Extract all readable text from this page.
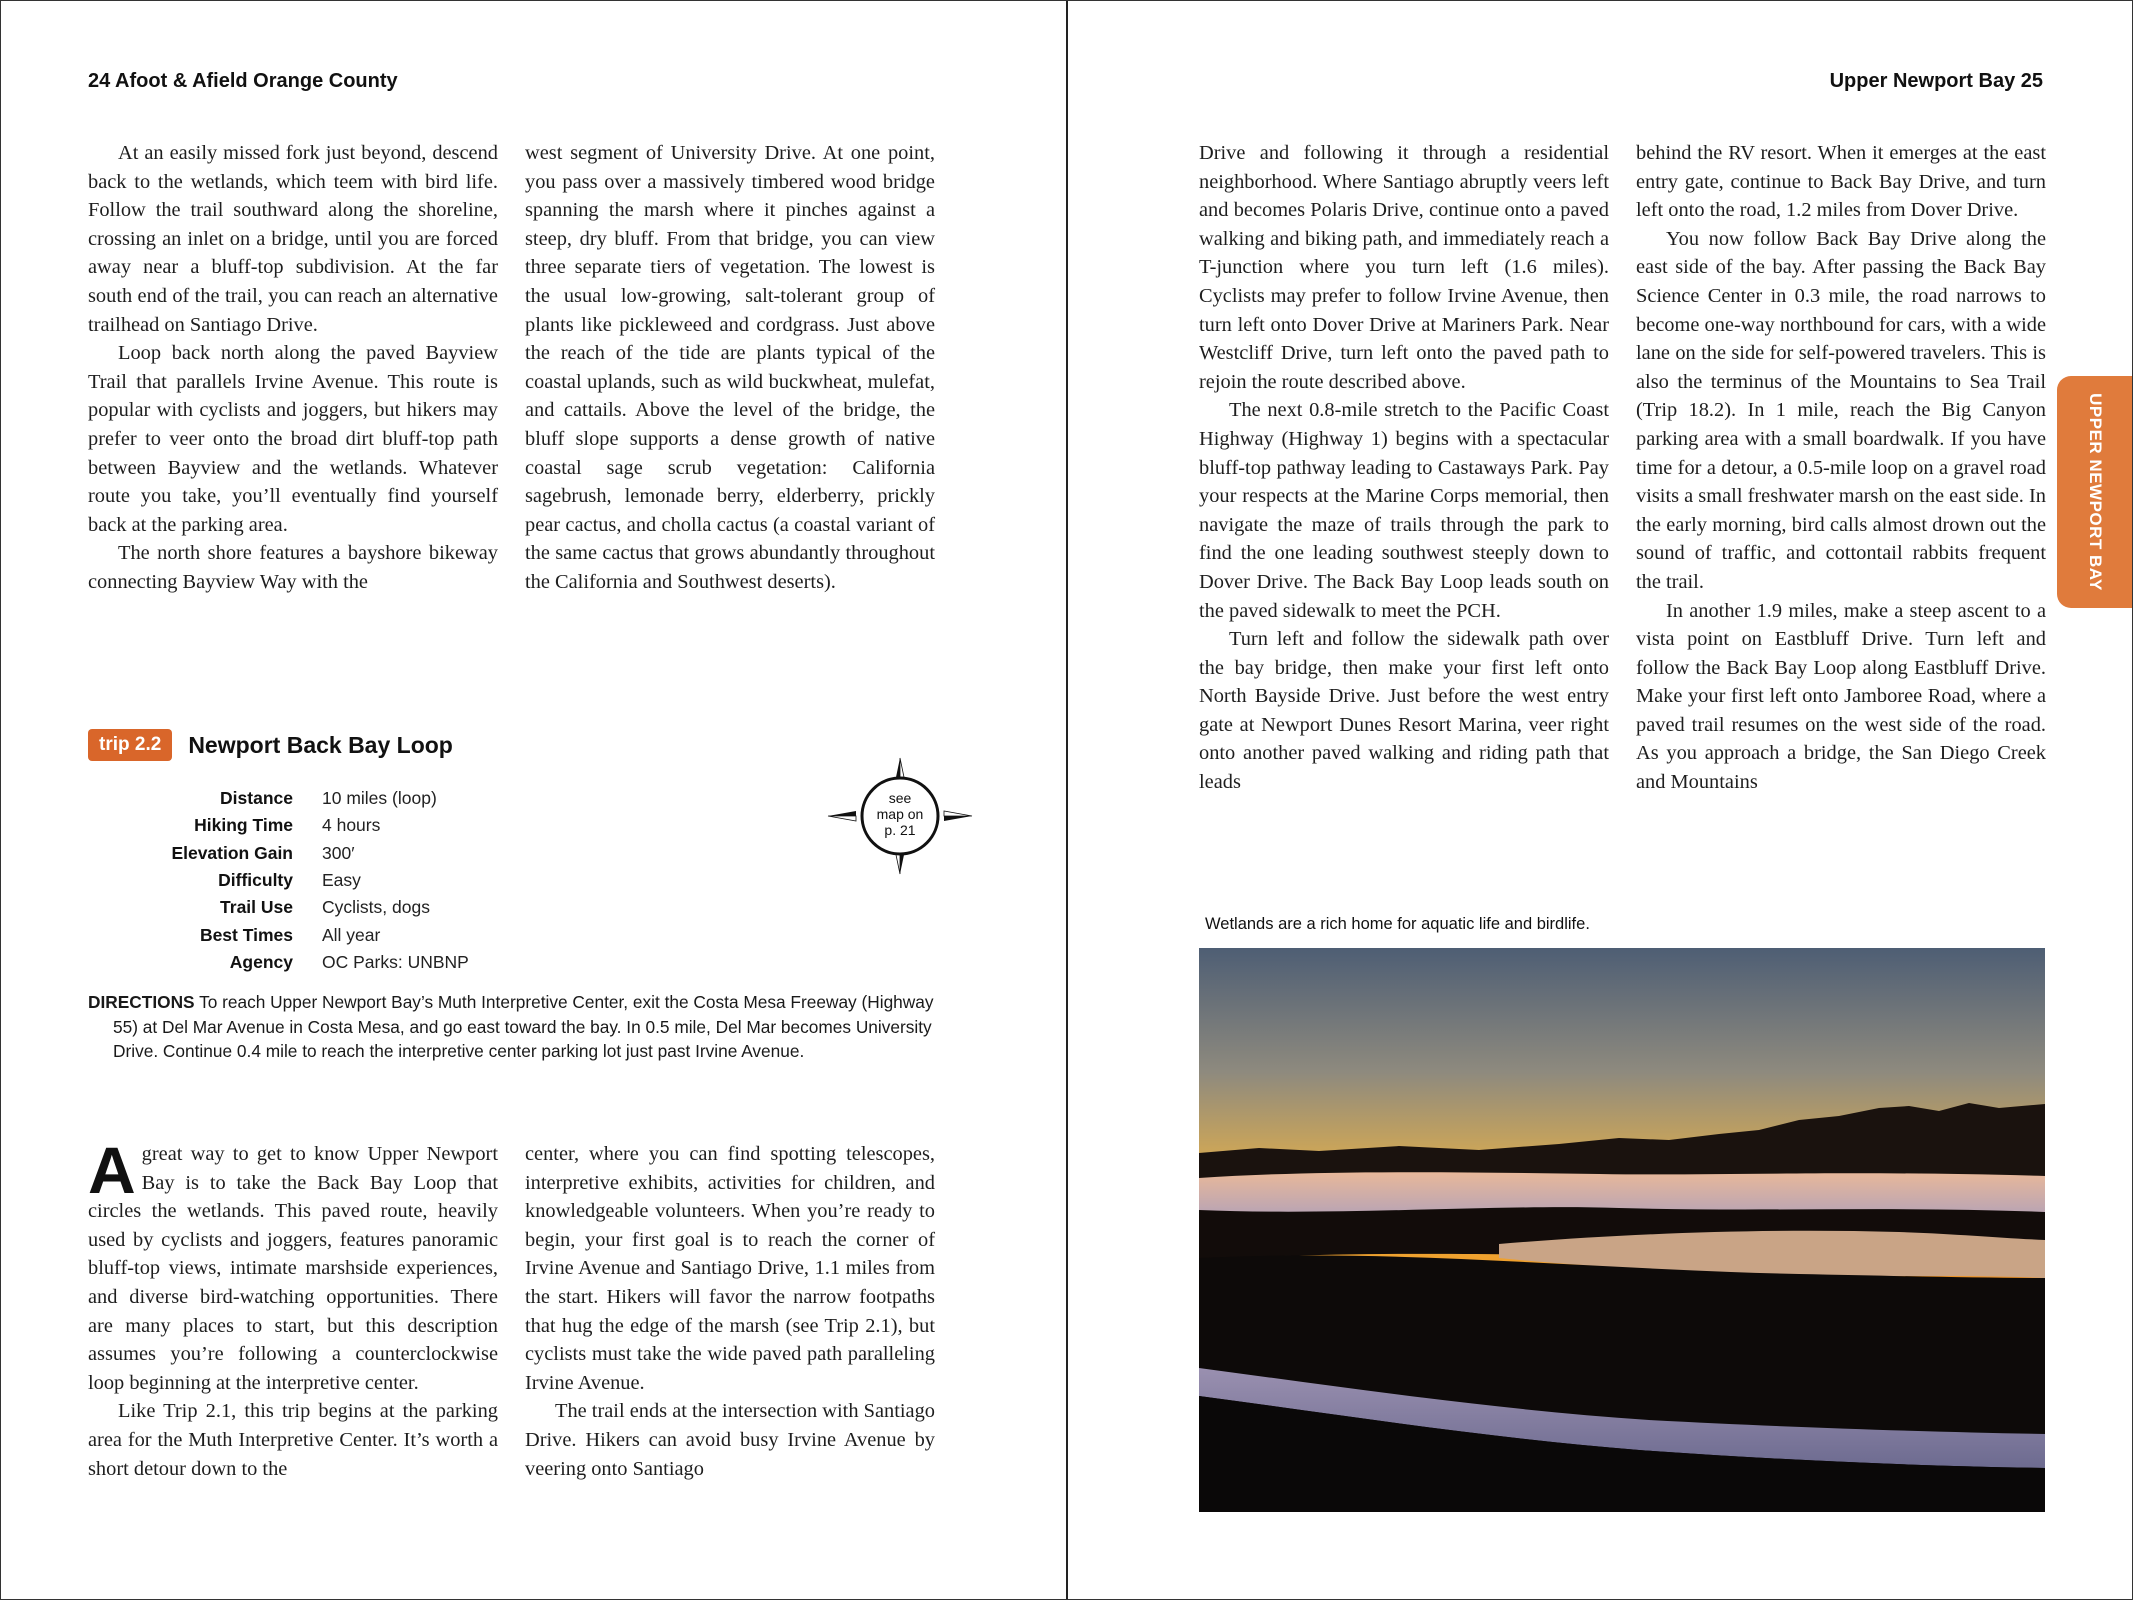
24 Afoot & Afield Orange County

At an easily missed fork just beyond, descend back to the wetlands, which teem with bird life. Follow the trail southward along the shoreline, crossing an inlet on a bridge, until you are forced away near a bluff-top subdivision. At the far south end of the trail, you can reach an alternative trailhead on Santiago Drive.

Loop back north along the paved Bayview Trail that parallels Irvine Avenue. This route is popular with cyclists and joggers, but hikers may prefer to veer onto the broad dirt bluff-top path between Bayview and the wetlands. Whatever route you take, you’ll eventually find yourself back at the parking area.

The north shore features a bayshore bikeway connecting Bayview Way with the

west segment of University Drive. At one point, you pass over a massively timbered wood bridge spanning the marsh where it pinches against a steep, dry bluff. From that bridge, you can view three separate tiers of vegetation. The lowest is the usual low-growing, salt-tolerant group of plants like pickleweed and cordgrass. Just above the reach of the tide are plants typical of the coastal uplands, such as wild buckwheat, mulefat, and cattails. Above the level of the bridge, the bluff slope supports a dense growth of native coastal sage scrub vegetation: California sagebrush, lemonade berry, elderberry, prickly pear cactus, and cholla cactus (a coastal variant of the same cactus that grows abundantly throughout the California and Southwest deserts).

trip 2.2	Newport Back Bay Loop
Distance 10 miles (loop)
Hiking Time 4 hours
Elevation Gain 300′
Difficulty Easy
Trail Use Cyclists, dogs
Best Times All year
Agency OC Parks: UNBNP
see
map on
p. 21
DIRECTIONS To reach Upper Newport Bay’s Muth Interpretive Center, exit the Costa Mesa Freeway (Highway 55) at Del Mar Avenue in Costa Mesa, and go east toward the bay. In 0.5 mile, Del Mar becomes University Drive. Continue 0.4 mile to reach the interpretive center parking lot just past Irvine Avenue.

Agreat way to get to know Upper Newport Bay is to take the Back Bay Loop that circles the wetlands. This paved route, heavily used by cyclists and joggers, features panoramic bluff-top views, intimate marshside experiences, and diverse bird-watching opportunities. There are many places to start, but this description assumes you’re following a counterclockwise loop beginning at the interpretive center.

Like Trip 2.1, this trip begins at the parking area for the Muth Interpretive Center. It’s worth a short detour down to the

center, where you can find spotting telescopes, interpretive exhibits, activities for children, and knowledgeable volunteers. When you’re ready to begin, your first goal is to reach the corner of Irvine Avenue and Santiago Drive, 1.1 miles from the start. Hikers will favor the narrow footpaths that hug the edge of the marsh (see Trip 2.1), but cyclists must take the wide paved path paralleling Irvine Avenue.

The trail ends at the intersection with Santiago Drive. Hikers can avoid busy Irvine Avenue by veering onto Santiago

Upper Newport Bay 25

Drive and following it through a residential neighborhood. Where Santiago abruptly veers left and becomes Polaris Drive, continue onto a paved walking and biking path, and immediately reach a T-junction where you turn left (1.6 miles). Cyclists may prefer to follow Irvine Avenue, then turn left onto Dover Drive at Mariners Park. Near Westcliff Drive, turn left onto the paved path to rejoin the route described above.

The next 0.8-mile stretch to the Pacific Coast Highway (Highway 1) begins with a spectacular bluff-top pathway leading to Castaways Park. Pay your respects at the Marine Corps memorial, then navigate the maze of trails through the park to find the one leading southwest steeply down to Dover Drive. The Back Bay Loop leads south on the paved sidewalk to meet the PCH.

Turn left and follow the sidewalk path over the bay bridge, then make your first left onto North Bayside Drive. Just before the west entry gate at Newport Dunes Resort Marina, veer right onto another paved walking and riding path that leads

behind the RV resort. When it emerges at the east entry gate, continue to Back Bay Drive, and turn left onto the road, 1.2 miles from Dover Drive.

You now follow Back Bay Drive along the east side of the bay. After passing the Back Bay Science Center in 0.3 mile, the road narrows to become one-way northbound for cars, with a wide lane on the side for self-powered travelers. This is also the terminus of the Mountains to Sea Trail (Trip 18.2). In 1 mile, reach the Big Canyon parking area with a small boardwalk. If you have time for a detour, a 0.5-mile loop on a gravel road visits a small freshwater marsh on the east side. In the early morning, bird calls almost drown out the sound of traffic, and cottontail rabbits frequent the trail.

In another 1.9 miles, make a steep ascent to a vista point on Eastbluff Drive. Turn left and follow the Back Bay Loop along Eastbluff Drive. Make your first left onto Jamboree Road, where a paved trail resumes on the west side of the road. As you approach a bridge, the San Diego Creek and Mountains

UPPER NEWPORT BAY
Wetlands are a rich home for aquatic life and birdlife.
